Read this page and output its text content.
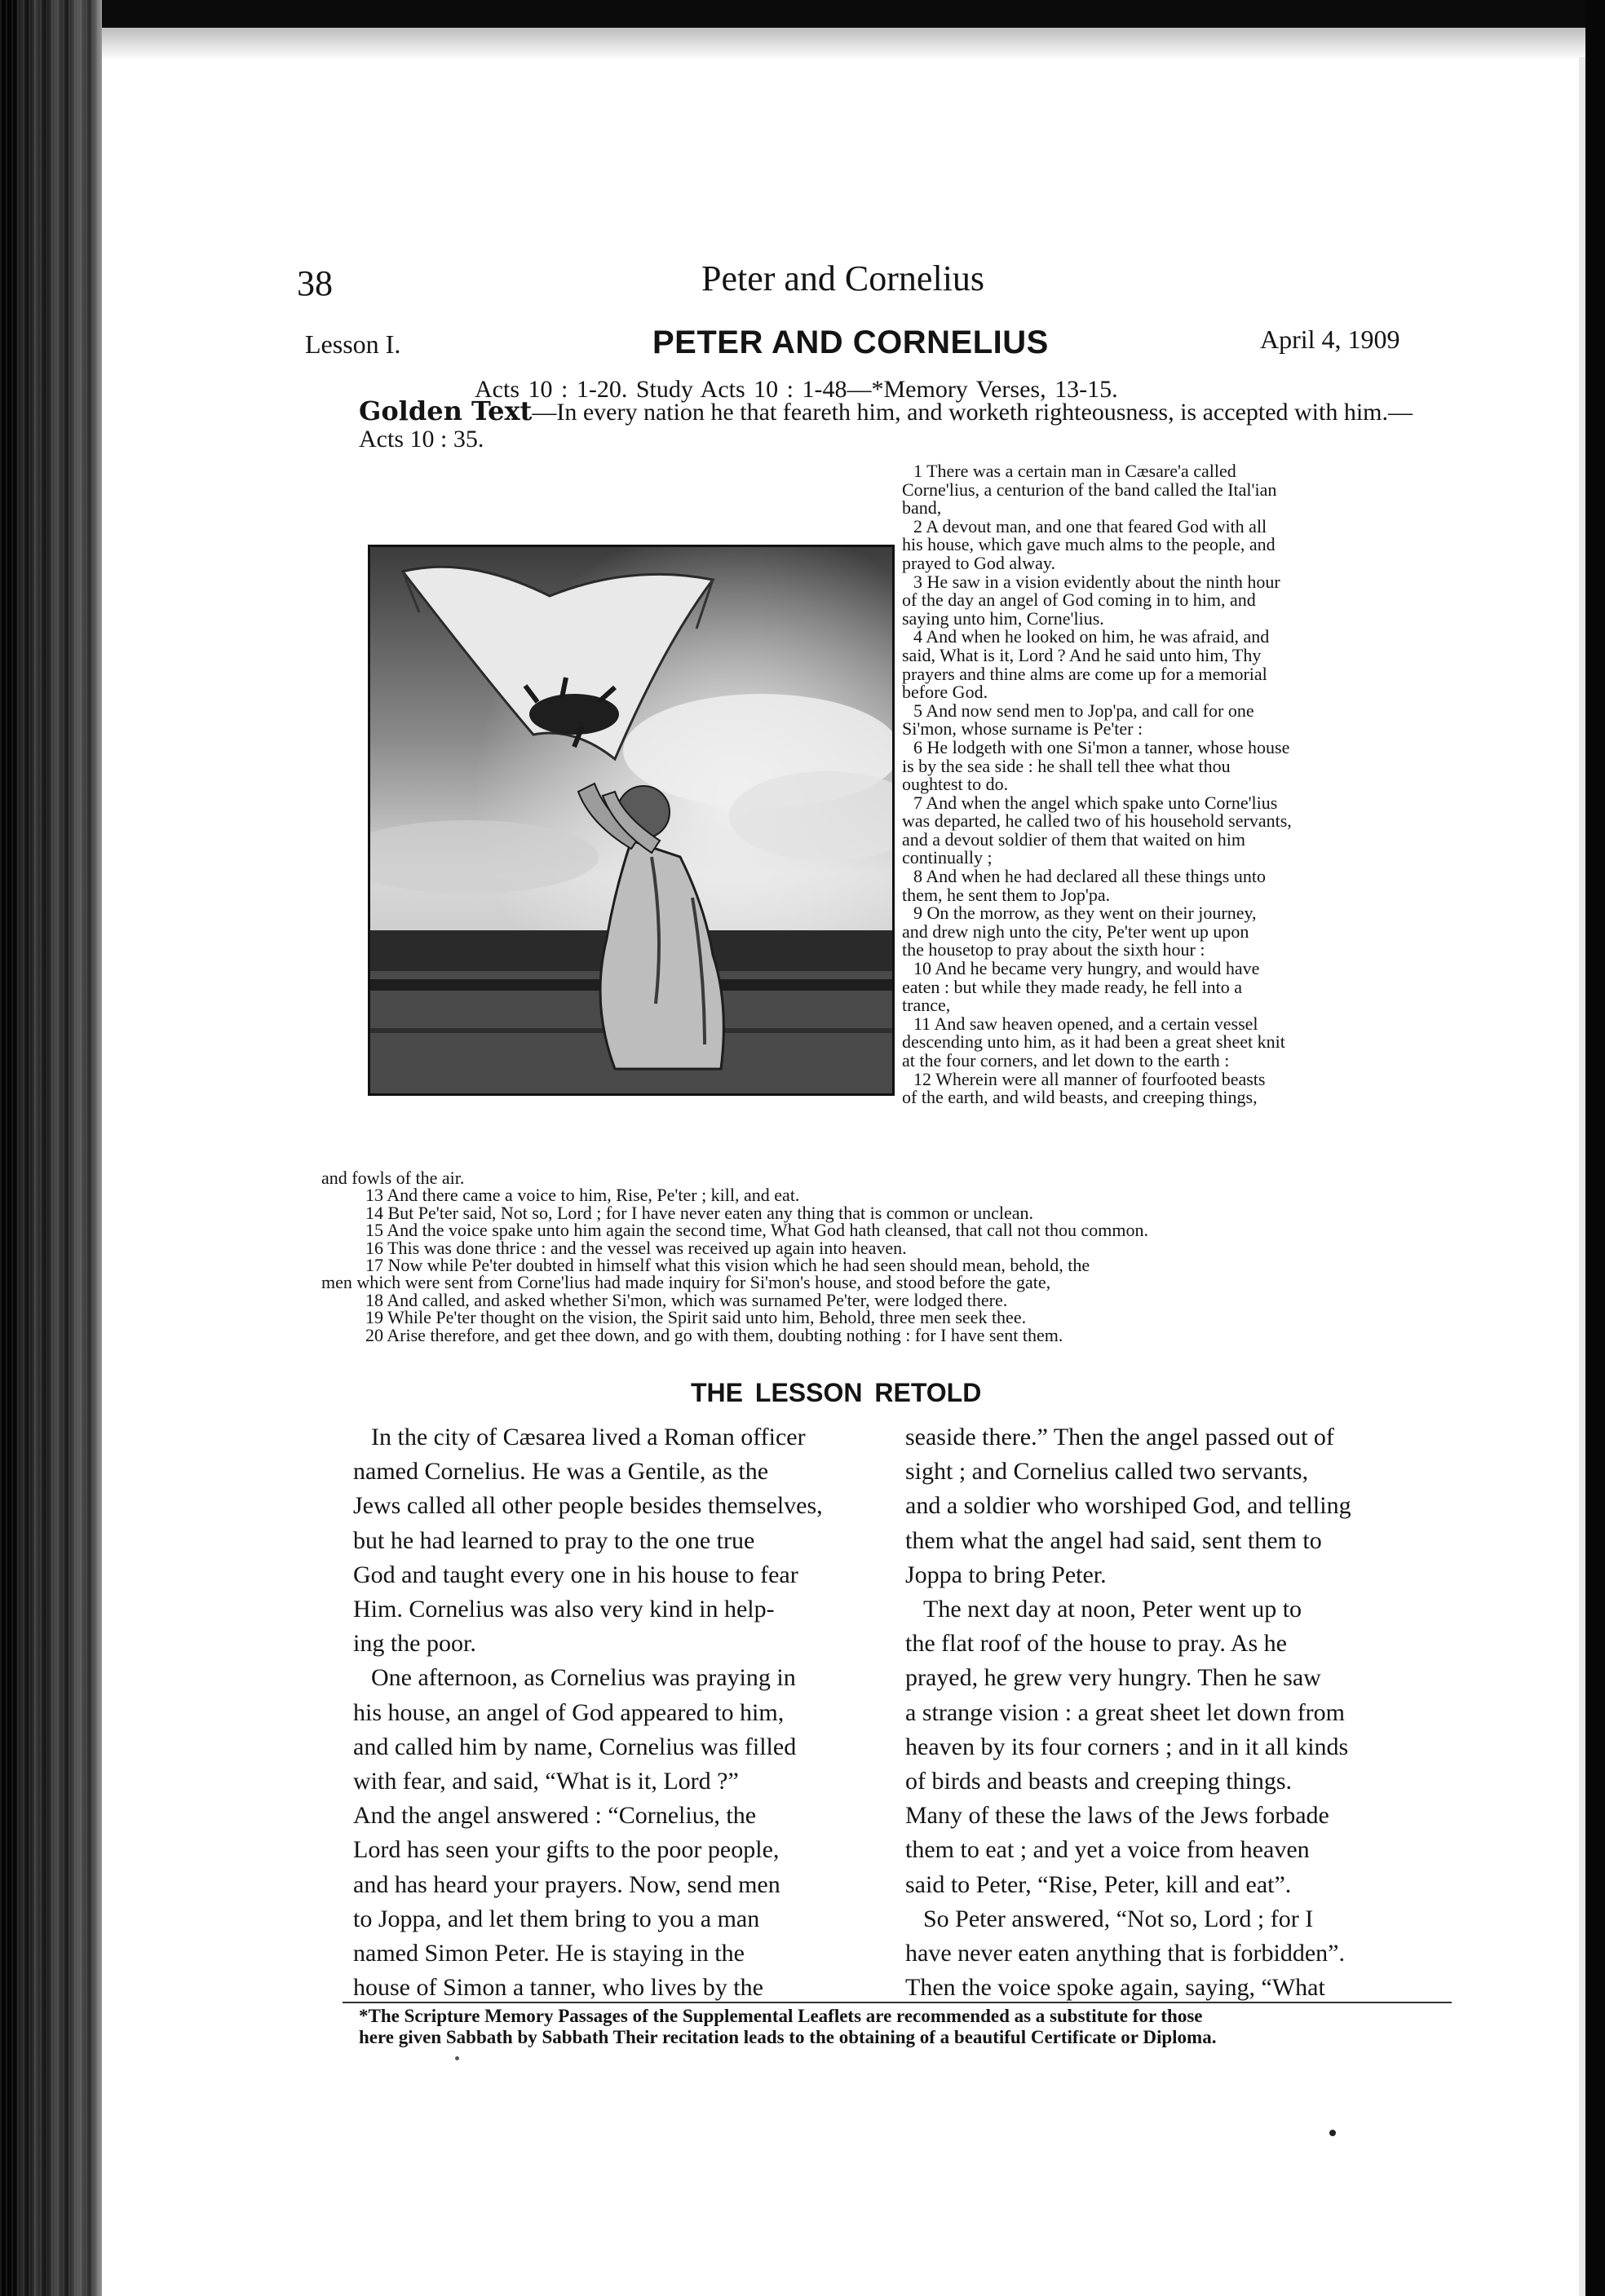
38	Peter and Cornelius
Lesson I.	PETER AND CORNELIUS	April 4, 1909
Acts 10 : 1-20. Study Acts 10 : 1-48—*Memory Verses, 13-15.
Golden Text—In every nation he that feareth him, and worketh righteousness, is accepted with him.—Acts 10 : 35.
1 There was a certain man in Cæsare'a called
Corne'lius, a centurion of the band called the Ital'ian
band,
2 A devout man, and one that feared God with all
his house, which gave much alms to the people, and
prayed to God alway.
3 He saw in a vision evidently about the ninth hour
of the day an angel of God coming in to him, and
saying unto him, Corne'lius.
4 And when he looked on him, he was afraid, and
said, What is it, Lord ? And he said unto him, Thy
prayers and thine alms are come up for a memorial
before God.
5 And now send men to Jop'pa, and call for one
Si'mon, whose surname is Pe'ter :
6 He lodgeth with one Si'mon a tanner, whose house
is by the sea side : he shall tell thee what thou
oughtest to do.
7 And when the angel which spake unto Corne'lius
was departed, he called two of his household servants,
and a devout soldier of them that waited on him
continually ;
8 And when he had declared all these things unto
them, he sent them to Jop'pa.
9 On the morrow, as they went on their journey,
and drew nigh unto the city, Pe'ter went up upon
the housetop to pray about the sixth hour :
10 And he became very hungry, and would have
eaten : but while they made ready, he fell into a
trance,
11 And saw heaven opened, and a certain vessel
descending unto him, as it had been a great sheet knit
at the four corners, and let down to the earth :
12 Wherein were all manner of fourfooted beasts
of the earth, and wild beasts, and creeping things,
and fowls of the air.
13 And there came a voice to him, Rise, Pe'ter ; kill, and eat.
14 But Pe'ter said, Not so, Lord ; for I have never eaten any thing that is common or unclean.
15 And the voice spake unto him again the second time, What God hath cleansed, that call not thou common.
16 This was done thrice : and the vessel was received up again into heaven.
17 Now while Pe'ter doubted in himself what this vision which he had seen should mean, behold, the
men which were sent from Corne'lius had made inquiry for Si'mon's house, and stood before the gate,
18 And called, and asked whether Si'mon, which was surnamed Pe'ter, were lodged there.
19 While Pe'ter thought on the vision, the Spirit said unto him, Behold, three men seek thee.
20 Arise therefore, and get thee down, and go with them, doubting nothing : for I have sent them.
THE LESSON RETOLD
In the city of Cæsarea lived a Roman officer
named Cornelius. He was a Gentile, as the
Jews called all other people besides themselves,
but he had learned to pray to the one true
God and taught every one in his house to fear
Him. Cornelius was also very kind in help-
ing the poor.
One afternoon, as Cornelius was praying in
his house, an angel of God appeared to him,
and called him by name, Cornelius was filled
with fear, and said, “What is it, Lord ?”
And the angel answered : “Cornelius, the
Lord has seen your gifts to the poor people,
and has heard your prayers. Now, send men
to Joppa, and let them bring to you a man
named Simon Peter. He is staying in the
house of Simon a tanner, who lives by the
seaside there.” Then the angel passed out of
sight ; and Cornelius called two servants,
and a soldier who worshiped God, and telling
them what the angel had said, sent them to
Joppa to bring Peter.
The next day at noon, Peter went up to
the flat roof of the house to pray. As he
prayed, he grew very hungry. Then he saw
a strange vision : a great sheet let down from
heaven by its four corners ; and in it all kinds
of birds and beasts and creeping things.
Many of these the laws of the Jews forbade
them to eat ; and yet a voice from heaven
said to Peter, “Rise, Peter, kill and eat”.
So Peter answered, “Not so, Lord ; for I
have never eaten anything that is forbidden”.
Then the voice spoke again, saying, “What
*The Scripture Memory Passages of the Supplemental Leaflets are recommended as a substitute for those
here given Sabbath by Sabbath Their recitation leads to the obtaining of a beautiful Certificate or Diploma.
